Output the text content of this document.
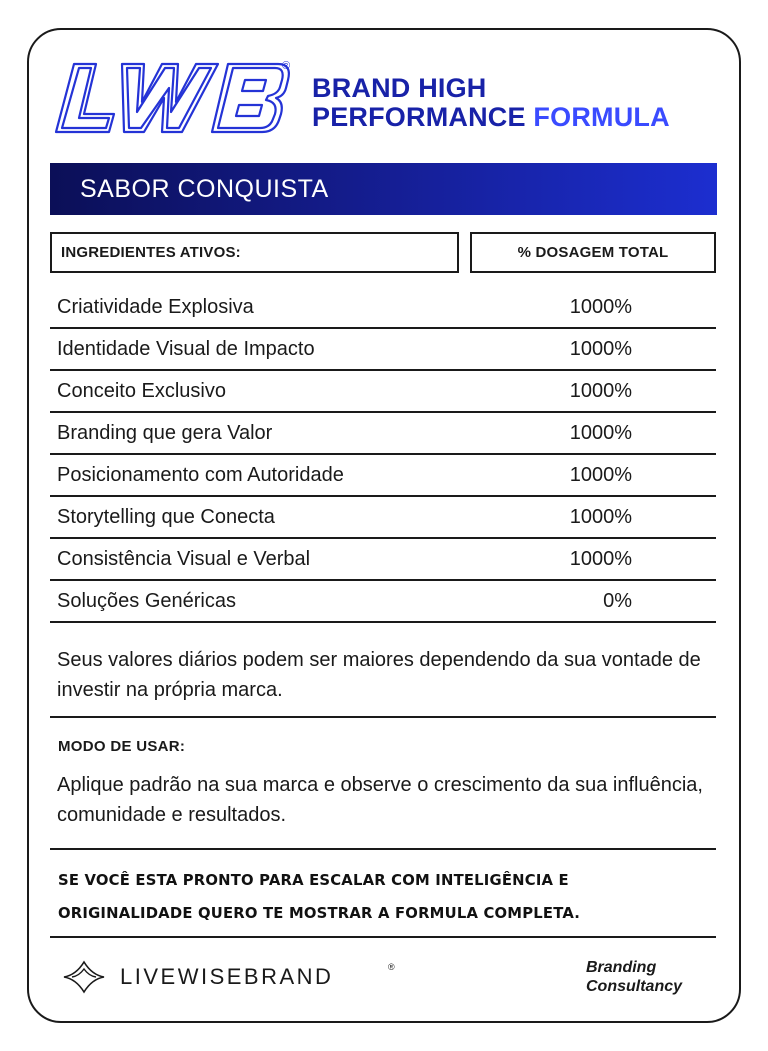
®
BRAND HIGH
PERFORMANCE FORMULA
SABOR CONQUISTA
INGREDIENTES ATIVOS:	% DOSAGEM TOTAL
Criatividade Explosiva	1000%
Identidade Visual de Impacto	1000%
Conceito Exclusivo	1000%
Branding que gera Valor	1000%
Posicionamento com Autoridade	1000%
Storytelling que Conecta	1000%
Consistência Visual e Verbal	1000%
Soluções Genéricas	0%

Seus valores diários podem ser maiores dependendo da sua vontade de investir na própria marca.

MODO DE USAR:

Aplique padrão na sua marca e observe o crescimento da sua influência, comunidade e resultados.

SE VOCÊ ESTA PRONTO PARA ESCALAR COM INTELIGÊNCIA E
ORIGINALIDADE QUERO TE MOSTRAR A FORMULA COMPLETA.
LIVEWISEBRAND	®	Branding
Consultancy
